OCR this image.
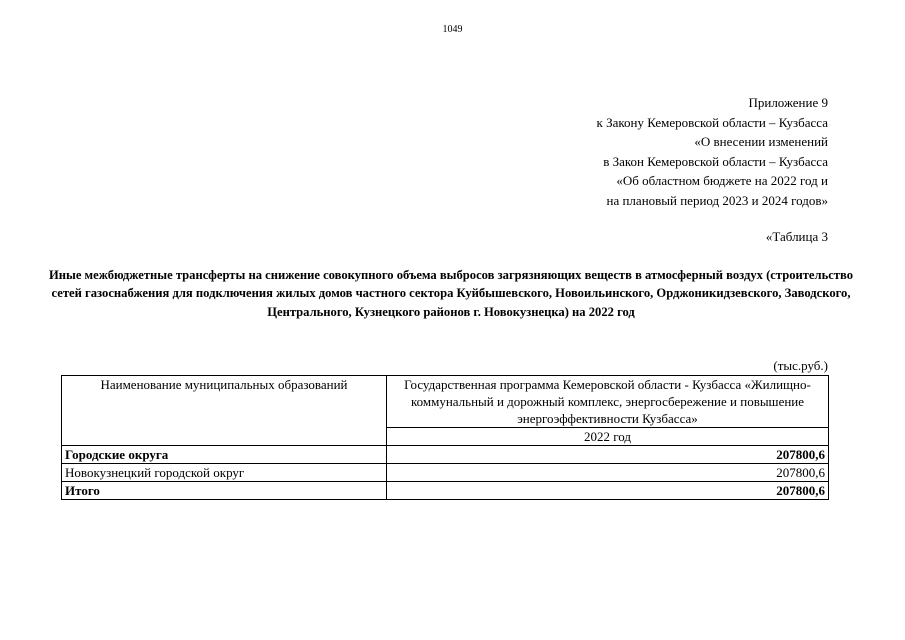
1049
Приложение 9
к Закону Кемеровской области – Кузбасса
«О внесении изменений
в Закон Кемеровской области – Кузбасса
«Об областном бюджете на 2022 год и
на плановый период 2023 и 2024 годов»
«Таблица 3
Иные межбюджетные трансферты на снижение совокупного объема выбросов загрязняющих веществ в атмосферный воздух (строительство сетей газоснабжения для подключения жилых домов частного сектора Куйбышевского, Новоильинского, Орджоникидзевского, Заводского, Центрального, Кузнецкого районов г. Новокузнецка) на 2022 год
(тыс.руб.)
Наименование муниципальных образований	Государственная программа Кемеровской области - Кузбасса «Жилищно-коммунальный и дорожный комплекс, энергосбережение и повышение энергоэффективности Кузбасса»
	2022 год
Городские округа	207800,6
Новокузнецкий городской округ	207800,6
Итого	207800,6
